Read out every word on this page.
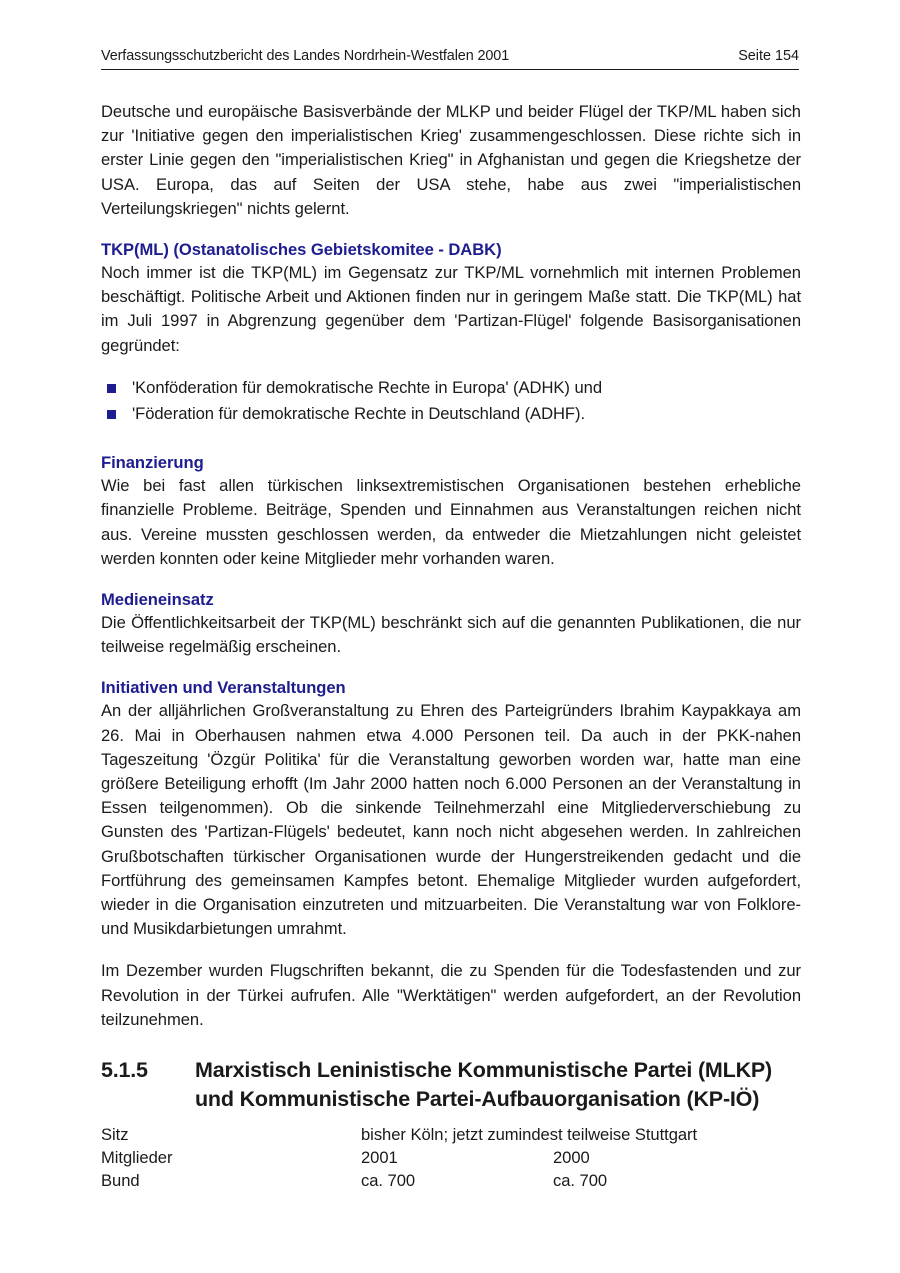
Verfassungsschutzbericht des Landes Nordrhein-Westfalen 2001	Seite 154

Deutsche und europäische Basisverbände der MLKP und beider Flügel der TKP/ML haben sich zur 'Initiative gegen den imperialistischen Krieg' zusammengeschlossen. Diese richte sich in erster Linie gegen den "imperialistischen Krieg" in Afghanistan und gegen die Kriegshetze der USA. Europa, das auf Seiten der USA stehe, habe aus zwei "imperialistischen Verteilungskriegen" nichts gelernt.

TKP(ML) (Ostanatolisches Gebietskomitee - DABK)

Noch immer ist die TKP(ML) im Gegensatz zur TKP/ML vornehmlich mit internen Problemen beschäftigt. Politische Arbeit und Aktionen finden nur in geringem Maße statt. Die TKP(ML) hat im Juli 1997 in Abgrenzung gegenüber dem 'Partizan-Flügel' folgende Basisorganisationen gegründet:

'Konföderation für demokratische Rechte in Europa' (ADHK) und
'Föderation für demokratische Rechte in Deutschland (ADHF).
Finanzierung

Wie bei fast allen türkischen linksextremistischen Organisationen bestehen erhebliche finanzielle Probleme. Beiträge, Spenden und Einnahmen aus Veranstaltungen reichen nicht aus. Vereine mussten geschlossen werden, da entweder die Mietzahlungen nicht geleistet werden konnten oder keine Mitglieder mehr vorhanden waren.

Medieneinsatz

Die Öffentlichkeitsarbeit der TKP(ML) beschränkt sich auf die genannten Publikationen, die nur teilweise regelmäßig erscheinen.

Initiativen und Veranstaltungen

An der alljährlichen Großveranstaltung zu Ehren des Parteigründers Ibrahim Kaypakkaya am 26. Mai in Oberhausen nahmen etwa 4.000 Personen teil. Da auch in der PKK-nahen Tageszeitung 'Özgür Politika' für die Veranstaltung geworben worden war, hatte man eine größere Beteiligung erhofft (Im Jahr 2000 hatten noch 6.000 Personen an der Veranstaltung in Essen teilgenommen). Ob die sinkende Teilnehmerzahl eine Mitgliederverschiebung zu Gunsten des 'Partizan-Flügels' bedeutet, kann noch nicht abgesehen werden. In zahlreichen Grußbotschaften türkischer Organisationen wurde der Hungerstreikenden gedacht und die Fortführung des gemeinsamen Kampfes betont. Ehemalige Mitglieder wurden aufgefordert, wieder in die Organisation einzutreten und mitzuarbeiten. Die Veranstaltung war von Folklore- und Musikdarbietungen umrahmt.

Im Dezember wurden Flugschriften bekannt, die zu Spenden für die Todesfastenden und zur Revolution in der Türkei aufrufen. Alle "Werktätigen" werden aufgefordert, an der Revolution teilzunehmen.

5.1.5	Marxistisch Leninistische Kommunistische Partei (MLKP) und Kommunistische Partei-Aufbauorganisation (KP-IÖ)
Sitz	bisher Köln; jetzt zumindest teilweise Stuttgart	
Mitglieder	2001	2000
Bund	ca. 700	ca. 700
